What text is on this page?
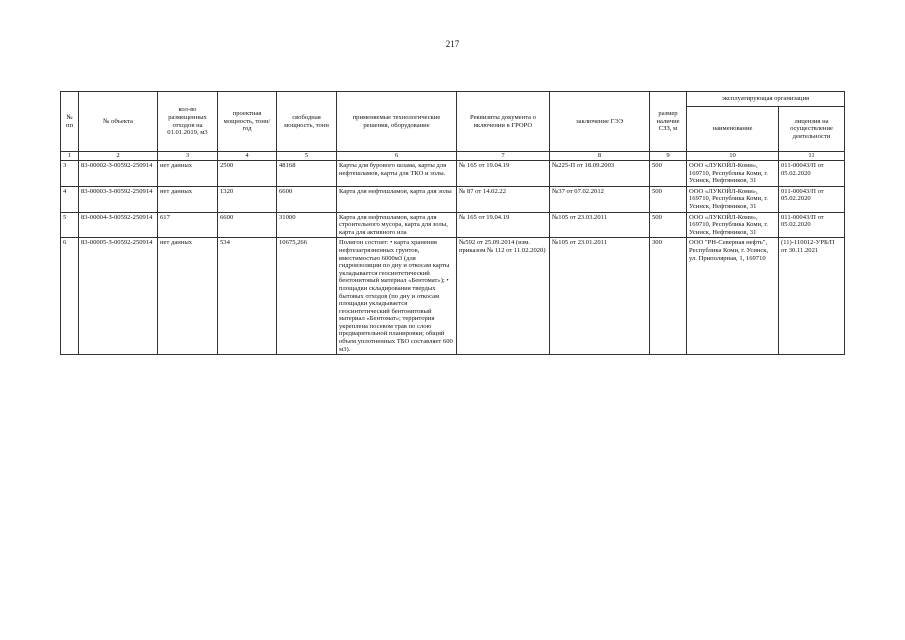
217
№ пп	№ объекта	кол-во размещенных отходов на 01.01.2019, м3	проектная мощность, тонн/год	свободная мощность, тонн	применяемые технологические решения, оборудование	Реквизиты документа о включении в ГРОРО	заключение ГЭЭ	размер наличие СЗЗ, м	эксплуатирующая организация	
									наименование	лицензия на осуществление деятельности
1	2	3	4	5	6	7	8	9	10	11
3	83-00002-З-00592-250914	нет данных	2500	48168	Карты для бурового шлама, карты для нефтешламов, карты для ТКО и золы.	№ 165 от 19.04.19	№225-П от 18.09.2003	500	ООО «ЛУКОЙЛ-Коми», 169710, Республика Коми, г. Усинск, Нефтяников, 31	011-00043/П от 05.02.2020
4	83-00003-З-00592-250914	нет данных	1320	6600	Карта для нефтешламов, карта для золы	№ 87 от 14.02.22	№37 от 07.02.2012	500	ООО «ЛУКОЙЛ-Коми», 169710, Республика Коми, г. Усинск, Нефтяников, 31	011-00043/П от 05.02.2020
5	83-00004-З-00592-250914	617	6600	31000	Карта для нефтешламов, карта для строительного мусора, карта для золы, карта для активного ила	№ 165 от 19.04.19	№105 от 23.03.2011	500	ООО «ЛУКОЙЛ-Коми», 169710, Республика Коми, г. Усинск, Нефтяников, 31	011-00043/П от 05.02.2020
6	83-00005-З-00592-250914	нет данных	534	10675,266	Полигон состоит: • карта хранения нефтезагрязненных грунтов, вместимостью 6000м3 (для гидроизоляции по дну и откосам карты укладывается геосинтетический бентонитовый материал «Бентомат»); • площадки складирования твердых бытовых отходов (по дну и откосам площадки укладывается геосинтетический бентонитовый материал «Бентомат»; территория укреплена посевом трав по слою предварительной планировки; общий объем уплотненных ТБО составляет 600 м3).	№592 от 25.09.2014 (изм. приказом № 112 от 11.02.2020)	№105 от 23.01.2011	300	ООО "РН-Северная нефть", Республика Коми, г. Усинск, ул. Приполярная, 1, 169710	(11)-110012-УРБ/П от 30.11.2021
